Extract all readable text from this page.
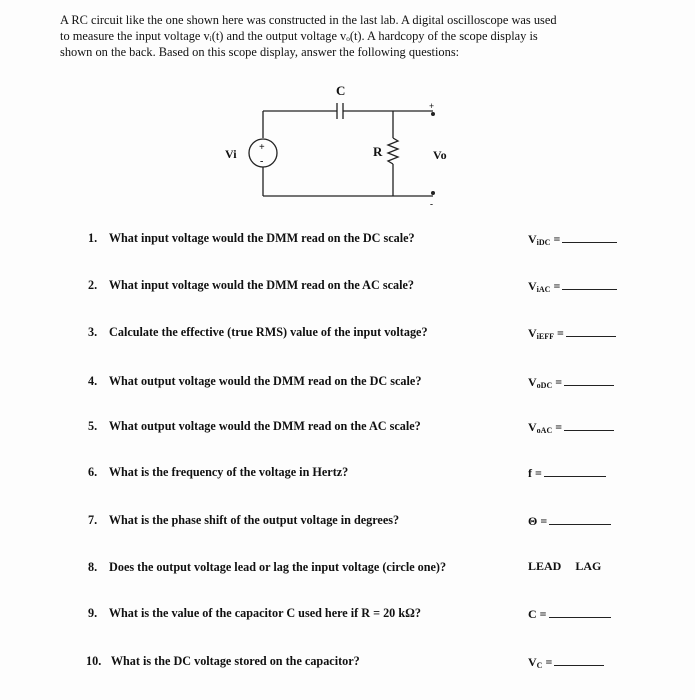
A RC circuit like the one shown here was constructed in the last lab. A digital oscilloscope was used
to measure the input voltage vᵢ(t) and the output voltage vₒ(t). A hardcopy of the scope display is
shown on the back. Based on this scope display, answer the following questions:
C
R
Vi	Vo
+
-
+
-
1. What input voltage would the DMM read on the DC scale?	$V_{iDC}$ =
2. What input voltage would the DMM read on the AC scale?	$V_{iAC}$ =
3. Calculate the effective (true RMS) value of the input voltage?	$V_{iEFF}$ =
4. What output voltage would the DMM read on the DC scale?	$V_{oDC}$ =
5. What output voltage would the DMM read on the AC scale?	$V_{oAC}$ =
6. What is the frequency of the voltage in Hertz?	f =
7. What is the phase shift of the output voltage in degrees?	Θ =
8. Does the output voltage lead or lag the input voltage (circle one)?	LEAD LAG
9. What is the value of the capacitor C used here if R = 20 kΩ?	C =
10. What is the DC voltage stored on the capacitor?	$V_C$ =
